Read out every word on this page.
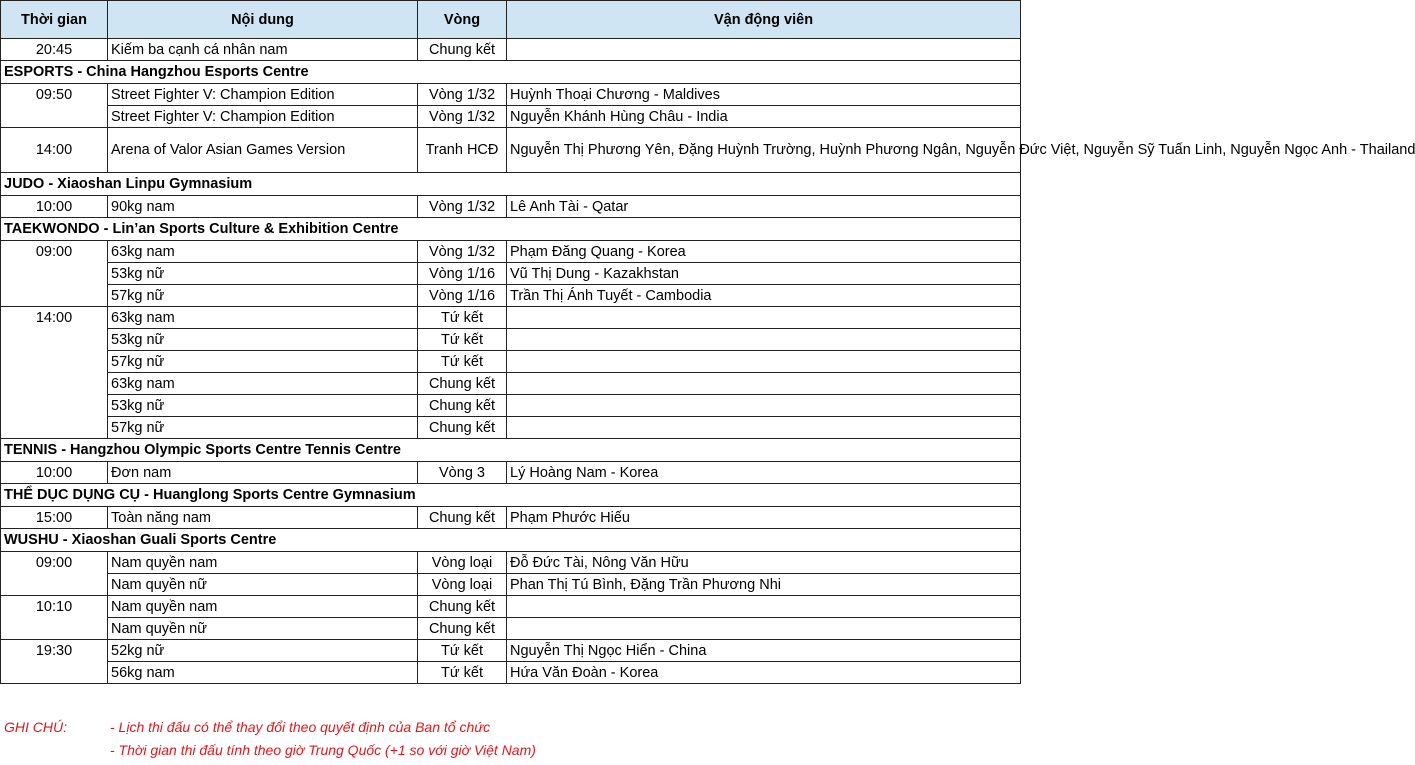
Thời gian	Nội dung	Vòng	Vận động viên
20:45	Kiếm ba cạnh cá nhân nam	Chung kết	
ESPORTS - China Hangzhou Esports Centre			
09:50	Street Fighter V: Champion Edition	Vòng 1/32	Huỳnh Thoại Chương - Maldives
	Street Fighter V: Champion Edition	Vòng 1/32	Nguyễn Khánh Hùng Châu - India
14:00	Arena of Valor Asian Games Version	Tranh HCĐ	Nguyễn Thị Phương Yên, Đặng Huỳnh Trường, Huỳnh Phương Ngân, Nguyễn Đức Việt, Nguyễn Sỹ Tuấn Linh, Nguyễn Ngọc Anh - Thailand
JUDO - Xiaoshan Linpu Gymnasium			
10:00	90kg nam	Vòng 1/32	Lê Anh Tài - Qatar
TAEKWONDO - Lin’an Sports Culture & Exhibition Centre			
09:00	63kg nam	Vòng 1/32	Phạm Đăng Quang - Korea
	53kg nữ	Vòng 1/16	Vũ Thị Dung - Kazakhstan
	57kg nữ	Vòng 1/16	Trần Thị Ánh Tuyết - Cambodia
14:00	63kg nam	Tứ kết	
	53kg nữ	Tứ kết	
	57kg nữ	Tứ kết	
	63kg nam	Chung kết	
	53kg nữ	Chung kết	
	57kg nữ	Chung kết	
TENNIS - Hangzhou Olympic Sports Centre Tennis Centre			
10:00	Đơn nam	Vòng 3	Lý Hoàng Nam - Korea
THỂ DỤC DỤNG CỤ - Huanglong Sports Centre Gymnasium			
15:00	Toàn năng nam	Chung kết	Phạm Phước Hiếu
WUSHU - Xiaoshan Guali Sports Centre			
09:00	Nam quyền nam	Vòng loại	Đỗ Đức Tài, Nông Văn Hữu
	Nam quyền nữ	Vòng loại	Phan Thị Tú Bình, Đặng Trần Phương Nhi
10:10	Nam quyền nam	Chung kết	
	Nam quyền nữ	Chung kết	
19:30	52kg nữ	Tứ kết	Nguyễn Thị Ngọc Hiển - China
	56kg nam	Tứ kết	Hứa Văn Đoàn - Korea
GHI CHÚ:	- Lịch thi đấu có thể thay đổi theo quyết định của Ban tổ chức
- Thời gian thi đấu tính theo giờ Trung Quốc (+1 so với giờ Việt Nam)
